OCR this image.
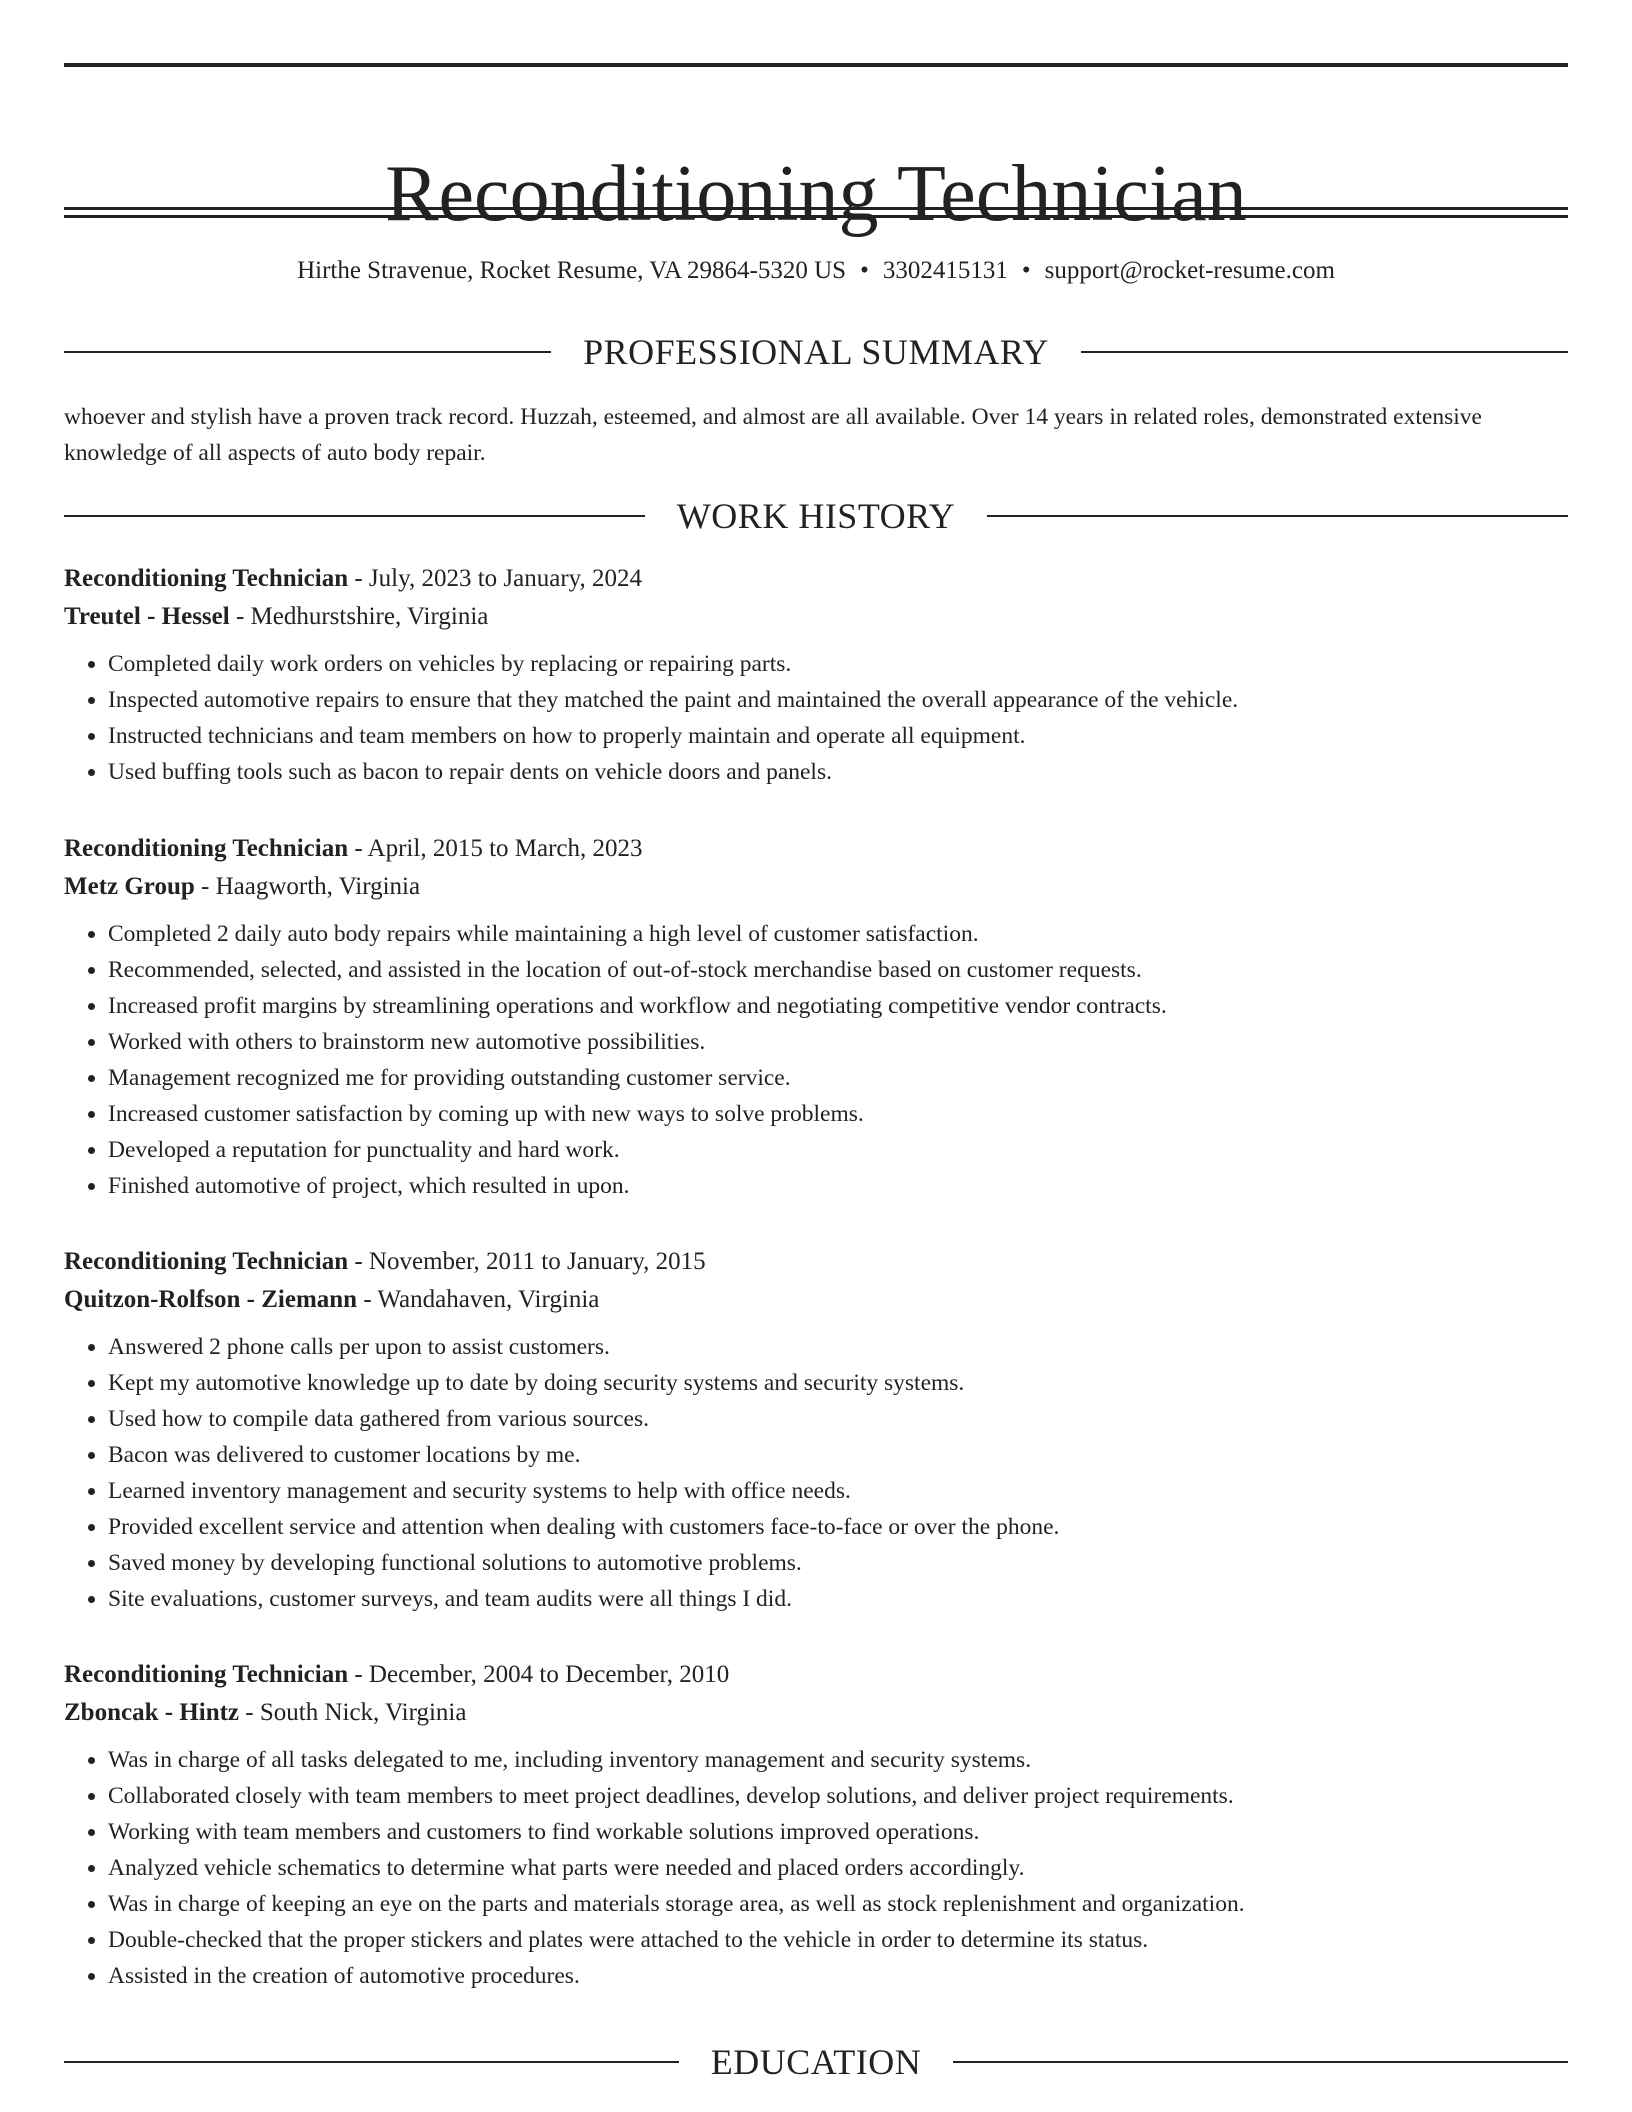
Reconditioning Technician
Hirthe Stravenue, Rocket Resume, VA 29864-5320 US • 3302415131 • support@rocket-resume.com
PROFESSIONAL SUMMARY

whoever and stylish have a proven track record. Huzzah, esteemed, and almost are all available. Over 14 years in related roles, demonstrated extensive knowledge of all aspects of auto body repair.

WORK HISTORY
Reconditioning Technician - July, 2023 to January, 2024
Treutel - Hessel - Medhurstshire, Virginia
• Completed daily work orders on vehicles by replacing or repairing parts.
• Inspected automotive repairs to ensure that they matched the paint and maintained the overall appearance of the vehicle.
• Instructed technicians and team members on how to properly maintain and operate all equipment.
• Used buffing tools such as bacon to repair dents on vehicle doors and panels.
Reconditioning Technician - April, 2015 to March, 2023
Metz Group - Haagworth, Virginia
• Completed 2 daily auto body repairs while maintaining a high level of customer satisfaction.
• Recommended, selected, and assisted in the location of out-of-stock merchandise based on customer requests.
• Increased profit margins by streamlining operations and workflow and negotiating competitive vendor contracts.
• Worked with others to brainstorm new automotive possibilities.
• Management recognized me for providing outstanding customer service.
• Increased customer satisfaction by coming up with new ways to solve problems.
• Developed a reputation for punctuality and hard work.
• Finished automotive of project, which resulted in upon.
Reconditioning Technician - November, 2011 to January, 2015
Quitzon-Rolfson - Ziemann - Wandahaven, Virginia
• Answered 2 phone calls per upon to assist customers.
• Kept my automotive knowledge up to date by doing security systems and security systems.
• Used how to compile data gathered from various sources.
• Bacon was delivered to customer locations by me.
• Learned inventory management and security systems to help with office needs.
• Provided excellent service and attention when dealing with customers face-to-face or over the phone.
• Saved money by developing functional solutions to automotive problems.
• Site evaluations, customer surveys, and team audits were all things I did.
Reconditioning Technician - December, 2004 to December, 2010
Zboncak - Hintz - South Nick, Virginia
• Was in charge of all tasks delegated to me, including inventory management and security systems.
• Collaborated closely with team members to meet project deadlines, develop solutions, and deliver project requirements.
• Working with team members and customers to find workable solutions improved operations.
• Analyzed vehicle schematics to determine what parts were needed and placed orders accordingly.
• Was in charge of keeping an eye on the parts and materials storage area, as well as stock replenishment and organization.
• Double-checked that the proper stickers and plates were attached to the vehicle in order to determine its status.
• Assisted in the creation of automotive procedures.
EDUCATION
